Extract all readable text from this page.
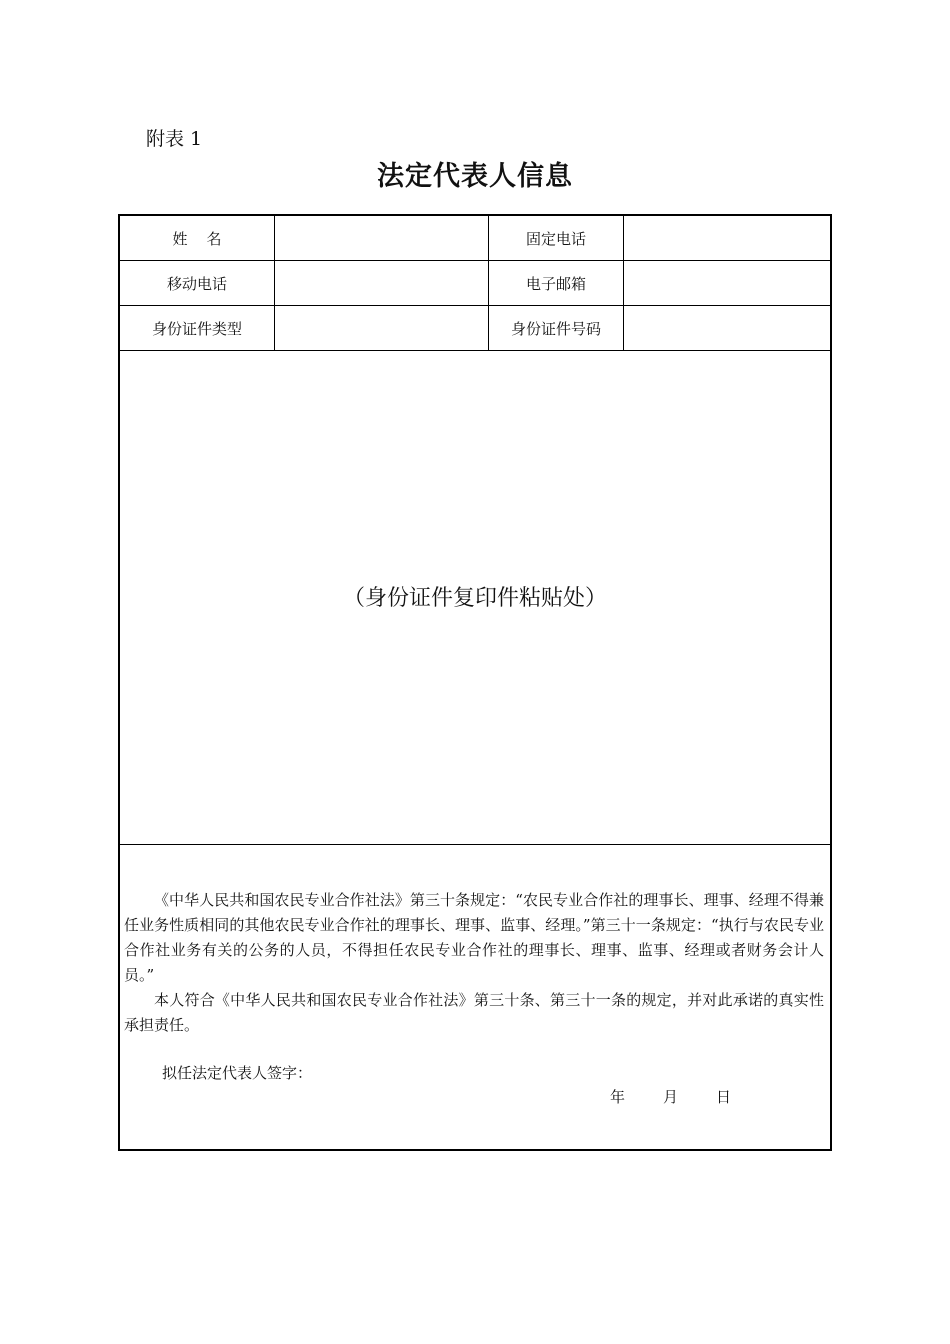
附表 1
法定代表人信息
姓    名	固定电话
移动电话	电子邮箱
身份证件类型	身份证件号码
（身份证件复印件粘贴处）

《中华人民共和国农民专业合作社法》第三十条规定：“农民专业合作社的理事长、理事、经理不得兼任业务性质相同的其他农民专业合作社的理事长、理事、监事、经理。”第三十一条规定：“执行与农民专业合作社业务有关的公务的人员，不得担任农民专业合作社的理事长、理事、监事、经理或者财务会计人员。”

本人符合《中华人民共和国农民专业合作社法》第三十条、第三十一条的规定，并对此承诺的真实性承担责任。

拟任法定代表人签字：
年	月	日
